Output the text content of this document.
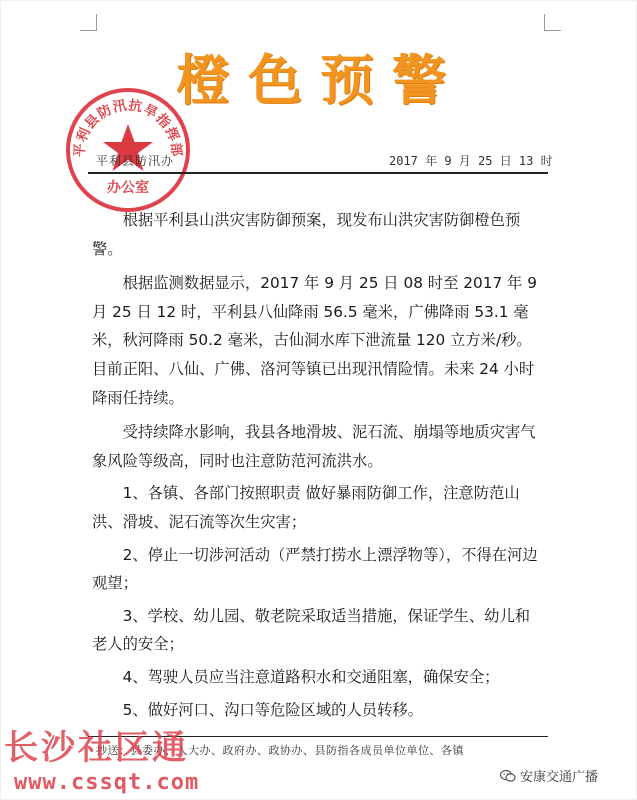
橙色预警
平利县防汛抗旱指挥部
办公室
平利县防汛办	2017 年 9 月 25 日 13 时

根据平利县山洪灾害防御预案，现发布山洪灾害防御橙色预警。

根据监测数据显示，2017 年 9 月 25 日 08 时至 2017 年 9 月 25 日 12 时，平利县八仙降雨 56.5 毫米，广佛降雨 53.1 毫米，秋河降雨 50.2 毫米，古仙洞水库下泄流量 120 立方米/秒。目前正阳、八仙、广佛、洛河等镇已出现汛情险情。未来 24 小时降雨任持续。

受持续降水影响，我县各地滑坡、泥石流、崩塌等地质灾害气象风险等级高，同时也注意防范河流洪水。

1、各镇、各部门按照职责 做好暴雨防御工作，注意防范山洪、滑坡、泥石流等次生灾害；

2、停止一切涉河活动（严禁打捞水上漂浮物等），不得在河边观望；

3、学校、幼儿园、敬老院采取适当措施，保证学生、幼儿和老人的安全；

4、驾驶人员应当注意道路积水和交通阻塞，确保安全；

5、做好河口、沟口等危险区域的人员转移。

抄送：县委办、人大办、政府办、政协办、县防指各成员单位单位、各镇
长沙社区通
www.cssqt.com	安康交通广播
